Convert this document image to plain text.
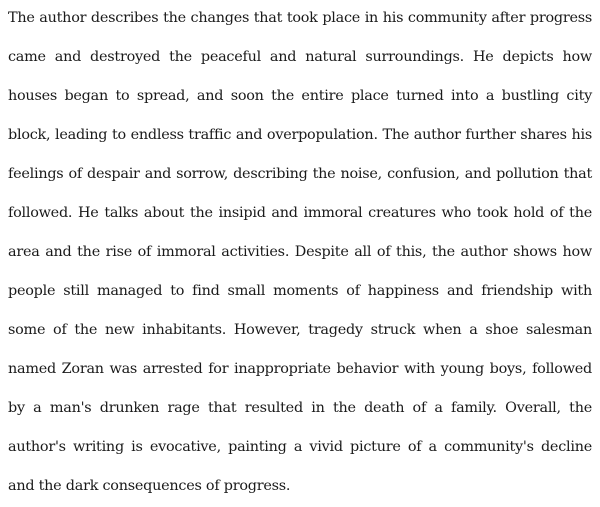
The author describes the changes that took place in his community after progress
came and destroyed the peaceful and natural surroundings. He depicts how
houses began to spread, and soon the entire place turned into a bustling city
block, leading to endless traffic and overpopulation. The author further shares his
feelings of despair and sorrow, describing the noise, confusion, and pollution that
followed. He talks about the insipid and immoral creatures who took hold of the
area and the rise of immoral activities. Despite all of this, the author shows how
people still managed to find small moments of happiness and friendship with
some of the new inhabitants. However, tragedy struck when a shoe salesman
named Zoran was arrested for inappropriate behavior with young boys, followed
by a man's drunken rage that resulted in the death of a family. Overall, the
author's writing is evocative, painting a vivid picture of a community's decline
and the dark consequences of progress.
